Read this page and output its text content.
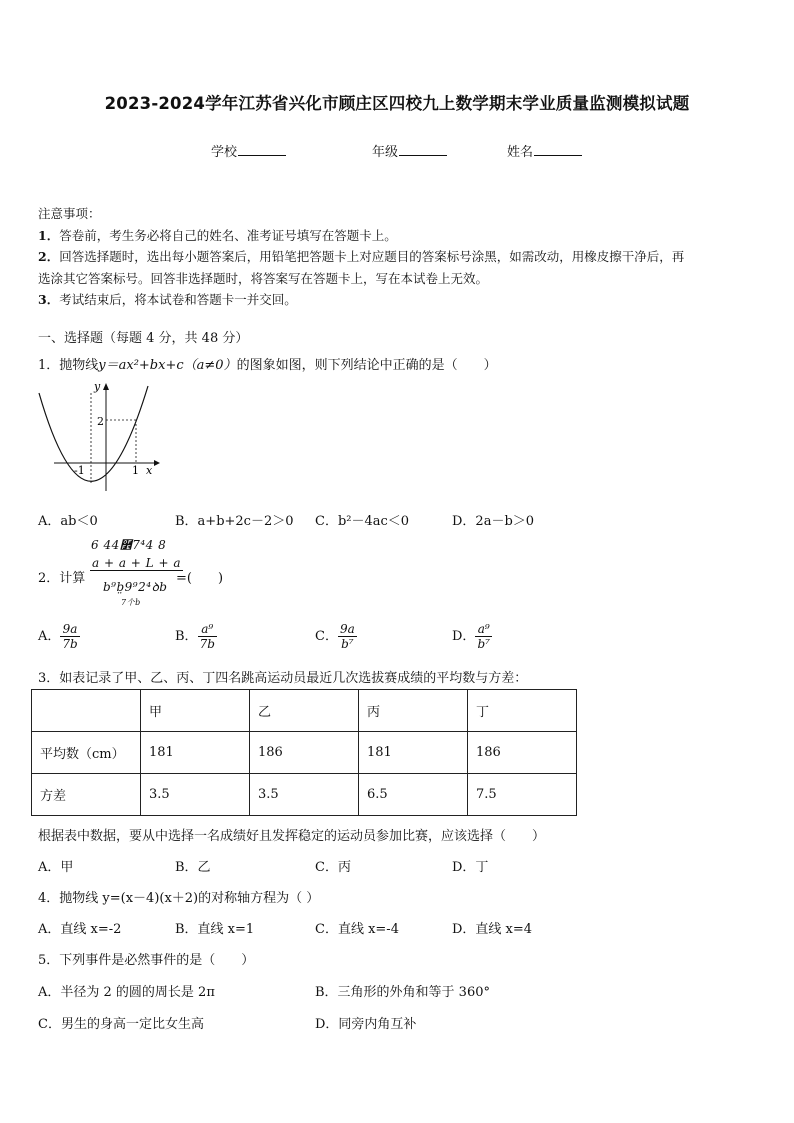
2023-2024学年江苏省兴化市顾庄区四校九上数学期末学业质量监测模拟试题
学校	年级	姓名
注意事项：
1．答卷前，考生务必将自己的姓名、准考证号填写在答题卡上。
2．回答选择题时，选出每小题答案后，用铅笔把答题卡上对应题目的答案标号涂黑，如需改动，用橡皮擦干净后，再
选涂其它答案标号。回答非选择题时，将答案写在答题卡上，写在本试卷上无效。
3．考试结束后，将本试卷和答题卡一并交回。
一、选择题（每题 4 分，共 48 分）
1．抛物线y＝ax²+bx+c（a≠0）的图象如图，则下列结论中正确的是（　　）
y
x
2
-1	1
A．ab＜0	B．a+b+2c－2＞0 C．b²－4ac＜0	D．2a－b＞0
2．计算
6 44࿾7⁴4 8
a + a + L + a
b⁹b̤9⁹2⁴ꝺb
7个b
=(　　)
A． $\frac{9a}{7b}$	B． $\frac{\text{a⁹}}{7b}$	C． $\frac{9a}{\text{b⁷}}$	D． $\frac{\text{a⁹}}{\text{b⁷}}$
3．如表记录了甲、乙、丙、丁四名跳高运动员最近几次选拔赛成绩的平均数与方差：
	甲	乙	丙	丁
平均数（cm）	181	186	181	186
方差	3.5	3.5	6.5	7.5
根据表中数据，要从中选择一名成绩好且发挥稳定的运动员参加比赛，应该选择（　　）
A．甲	B．乙	C．丙	D．丁
4．抛物线 y=(x－4)(x＋2)的对称轴方程为（ ）
A．直线 x=-2	B．直线 x=1	C．直线 x=-4	D．直线 x=4
5．下列事件是必然事件的是（　　）
A．半径为 2 的圆的周长是 2π	B．三角形的外角和等于 360°
C．男生的身高一定比女生高	D．同旁内角互补
